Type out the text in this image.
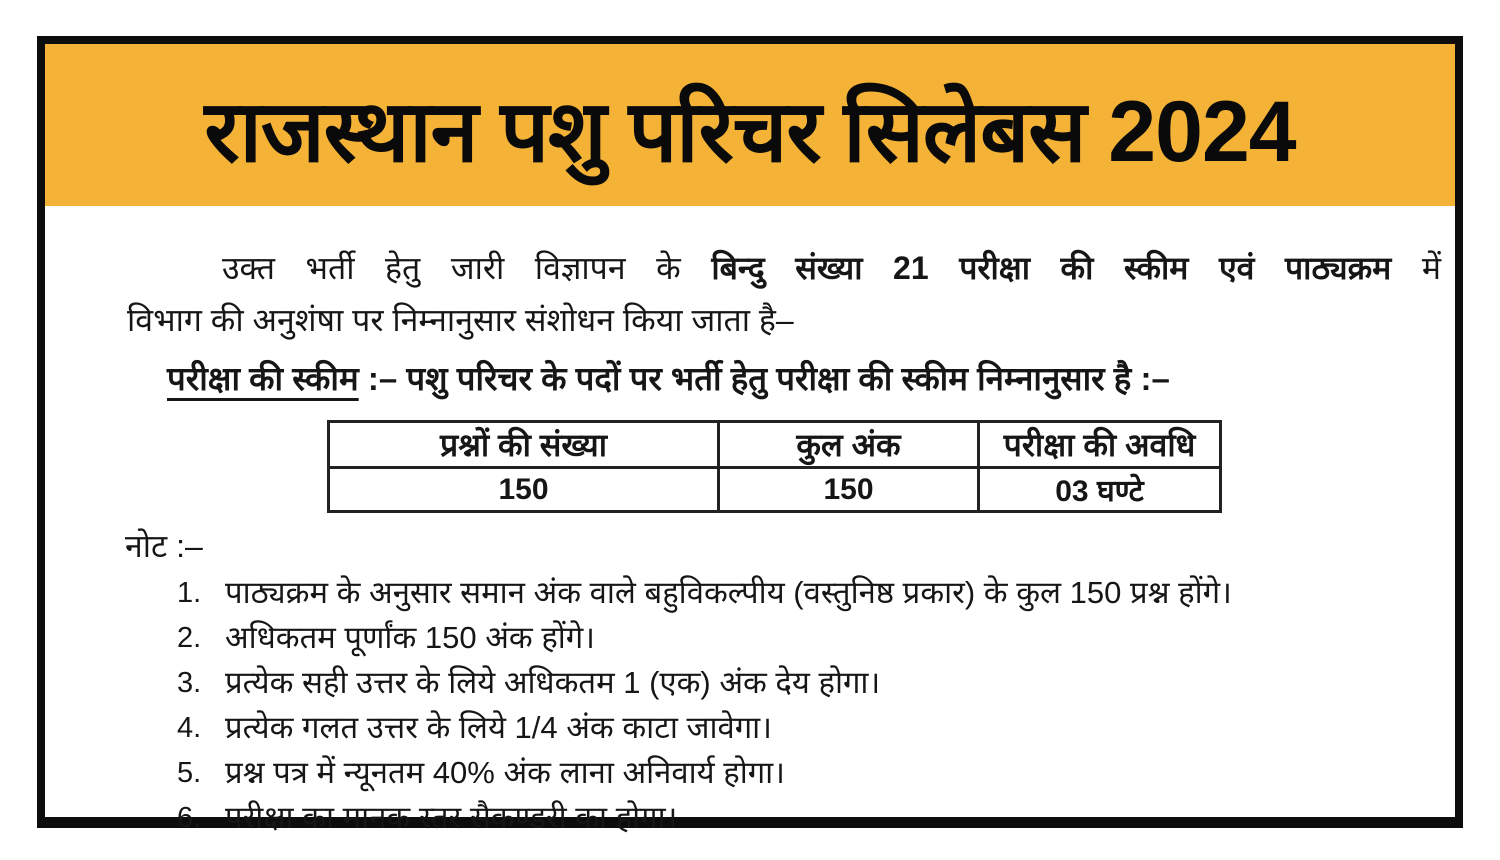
राजस्थान पशु परिचर सिलेबस 2024
उक्त भर्ती हेतु जारी विज्ञापन के बिन्दु संख्या 21 परीक्षा की स्कीम एवं पाठ्यक्रम में
विभाग की अनुशंषा पर निम्नानुसार संशोधन किया जाता है–
परीक्षा की स्कीम :– पशु परिचर के पदों पर भर्ती हेतु परीक्षा की स्कीम निम्नानुसार है :–
प्रश्नों की संख्या	कुल अंक	परीक्षा की अवधि
150	150	03 घण्टे
नोट :–
1. पाठ्यक्रम के अनुसार समान अंक वाले बहुविकल्पीय (वस्तुनिष्ठ प्रकार) के कुल 150 प्रश्न होंगे।
2. अधिकतम पूर्णांक 150 अंक होंगे।
3. प्रत्येक सही उत्तर के लिये अधिकतम 1 (एक) अंक देय होगा।
4. प्रत्येक गलत उत्तर के लिये 1/4 अंक काटा जावेगा।
5. प्रश्न पत्र में न्यूनतम 40% अंक लाना अनिवार्य होगा।
6. परीक्षा का मानक स्तर सैकण्डरी का होगा।
